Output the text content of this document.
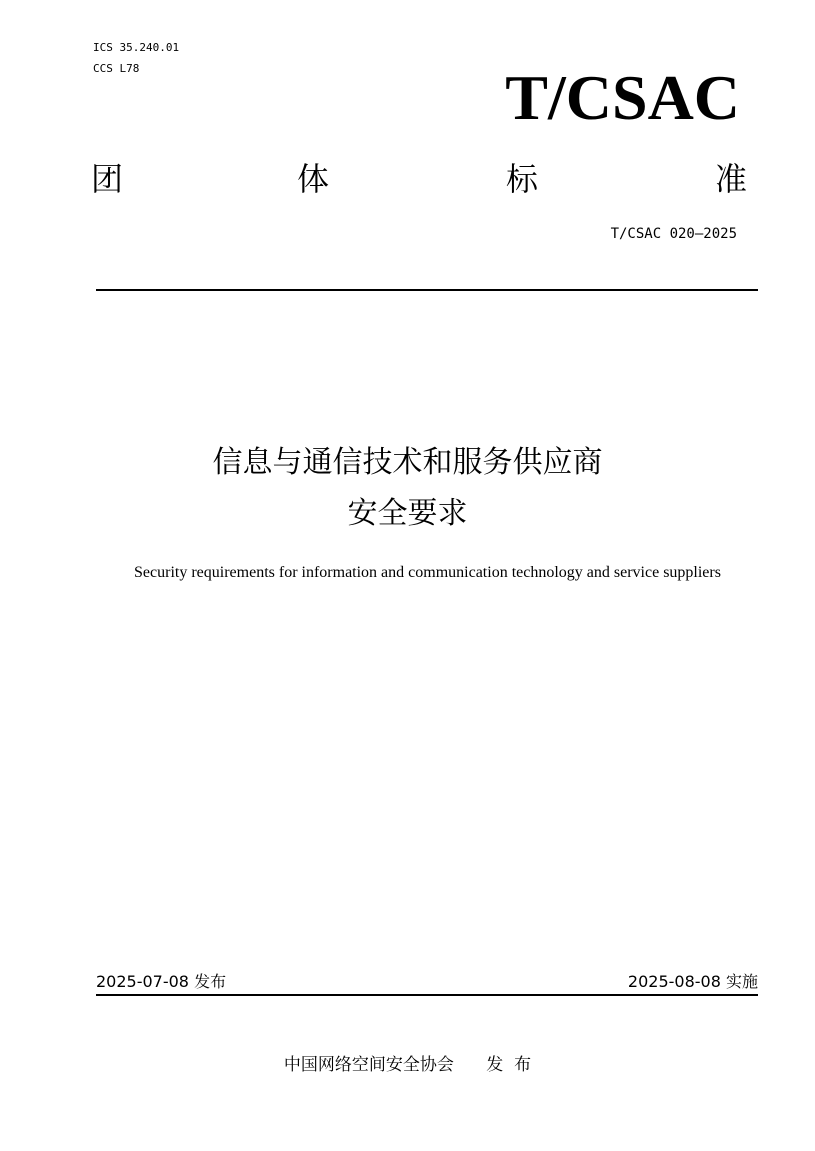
ICS 35.240.01
CCS L78	T/CSAC
团	体	标	准
T/CSAC 020—2025
信息与通信技术和服务供应商
安全要求
Security requirements for information and communication technology and service suppliers
2025-07-08 发布	2025-08-08 实施
中国网络空间安全协会      发  布
